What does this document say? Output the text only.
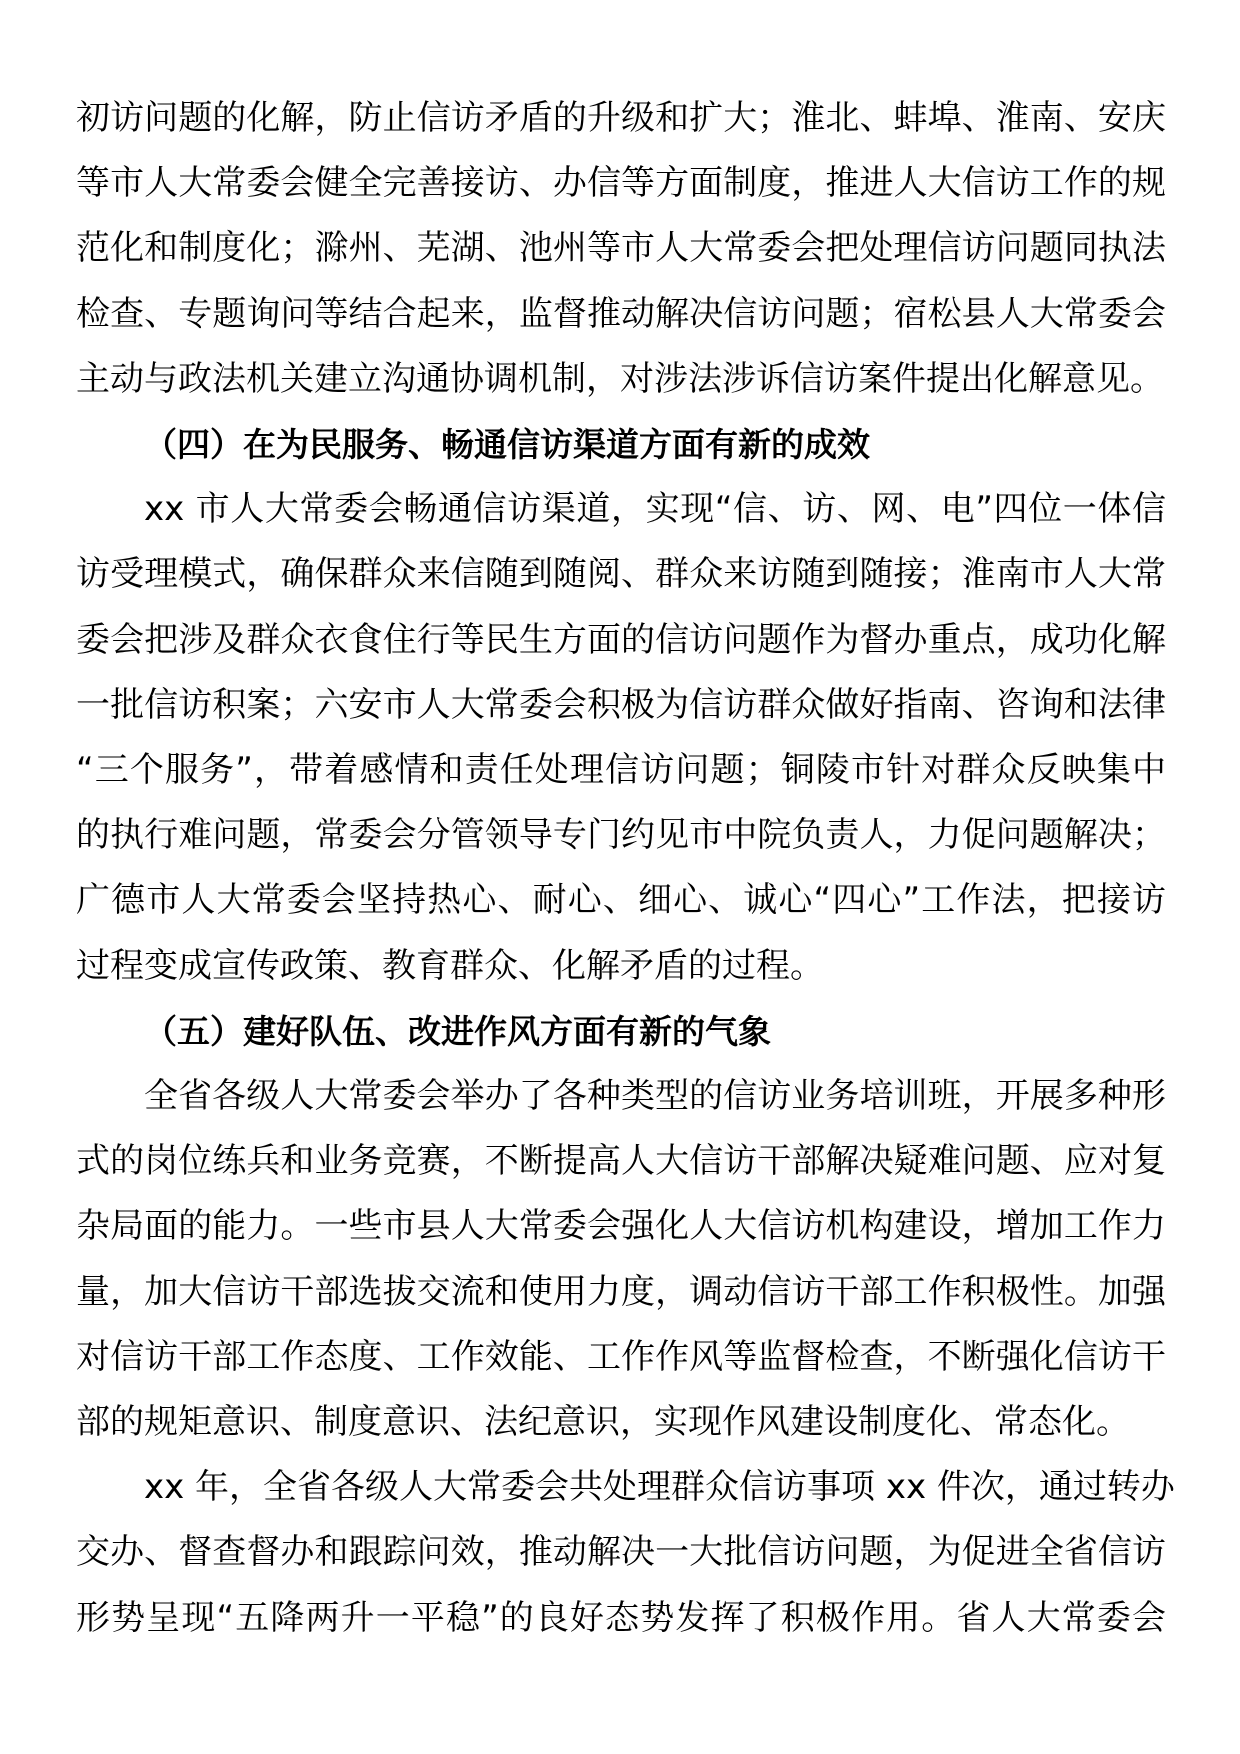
初访问题的化解，防止信访矛盾的升级和扩大；淮北、蚌埠、淮南、安庆
等市人大常委会健全完善接访、办信等方面制度，推进人大信访工作的规
范化和制度化；滁州、芜湖、池州等市人大常委会把处理信访问题同执法
检查、专题询问等结合起来，监督推动解决信访问题；宿松县人大常委会
主动与政法机关建立沟通协调机制，对涉法涉诉信访案件提出化解意见。

（四）在为民服务、畅通信访渠道方面有新的成效

xx 市人大常委会畅通信访渠道，实现“信、访、网、电”四位一体信
访受理模式，确保群众来信随到随阅、群众来访随到随接；淮南市人大常
委会把涉及群众衣食住行等民生方面的信访问题作为督办重点，成功化解
一批信访积案；六安市人大常委会积极为信访群众做好指南、咨询和法律
“三个服务”，带着感情和责任处理信访问题；铜陵市针对群众反映集中
的执行难问题，常委会分管领导专门约见市中院负责人，力促问题解决；
广德市人大常委会坚持热心、耐心、细心、诚心“四心”工作法，把接访
过程变成宣传政策、教育群众、化解矛盾的过程。

（五）建好队伍、改进作风方面有新的气象

全省各级人大常委会举办了各种类型的信访业务培训班，开展多种形
式的岗位练兵和业务竞赛，不断提高人大信访干部解决疑难问题、应对复
杂局面的能力。一些市县人大常委会强化人大信访机构建设，增加工作力
量，加大信访干部选拔交流和使用力度，调动信访干部工作积极性。加强
对信访干部工作态度、工作效能、工作作风等监督检查，不断强化信访干
部的规矩意识、制度意识、法纪意识，实现作风建设制度化、常态化。

xx 年，全省各级人大常委会共处理群众信访事项 xx 件次，通过转办
交办、督查督办和跟踪问效，推动解决一大批信访问题，为促进全省信访
形势呈现“五降两升一平稳”的良好态势发挥了积极作用。省人大常委会
